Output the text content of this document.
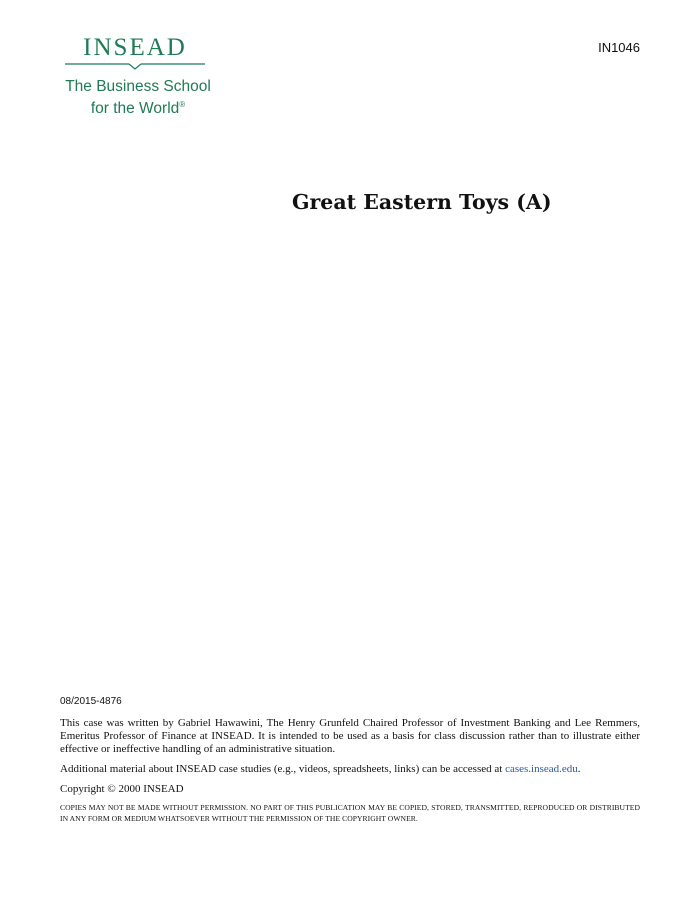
INSEAD
The Business School
for the World®
IN1046
Great Eastern Toys (A)
08/2015-4876

This case was written by Gabriel Hawawini, The Henry Grunfeld Chaired Professor of Investment Banking and Lee Remmers, Emeritus Professor of Finance at INSEAD. It is intended to be used as a basis for class discussion rather than to illustrate either effective or ineffective handling of an administrative situation.

Additional material about INSEAD case studies (e.g., videos, spreadsheets, links) can be accessed at cases.insead.edu.

Copyright © 2000 INSEAD

COPIES MAY NOT BE MADE WITHOUT PERMISSION. NO PART OF THIS PUBLICATION MAY BE COPIED, STORED, TRANSMITTED, REPRODUCED OR DISTRIBUTED IN ANY FORM OR MEDIUM WHATSOEVER WITHOUT THE PERMISSION OF THE COPYRIGHT OWNER.
